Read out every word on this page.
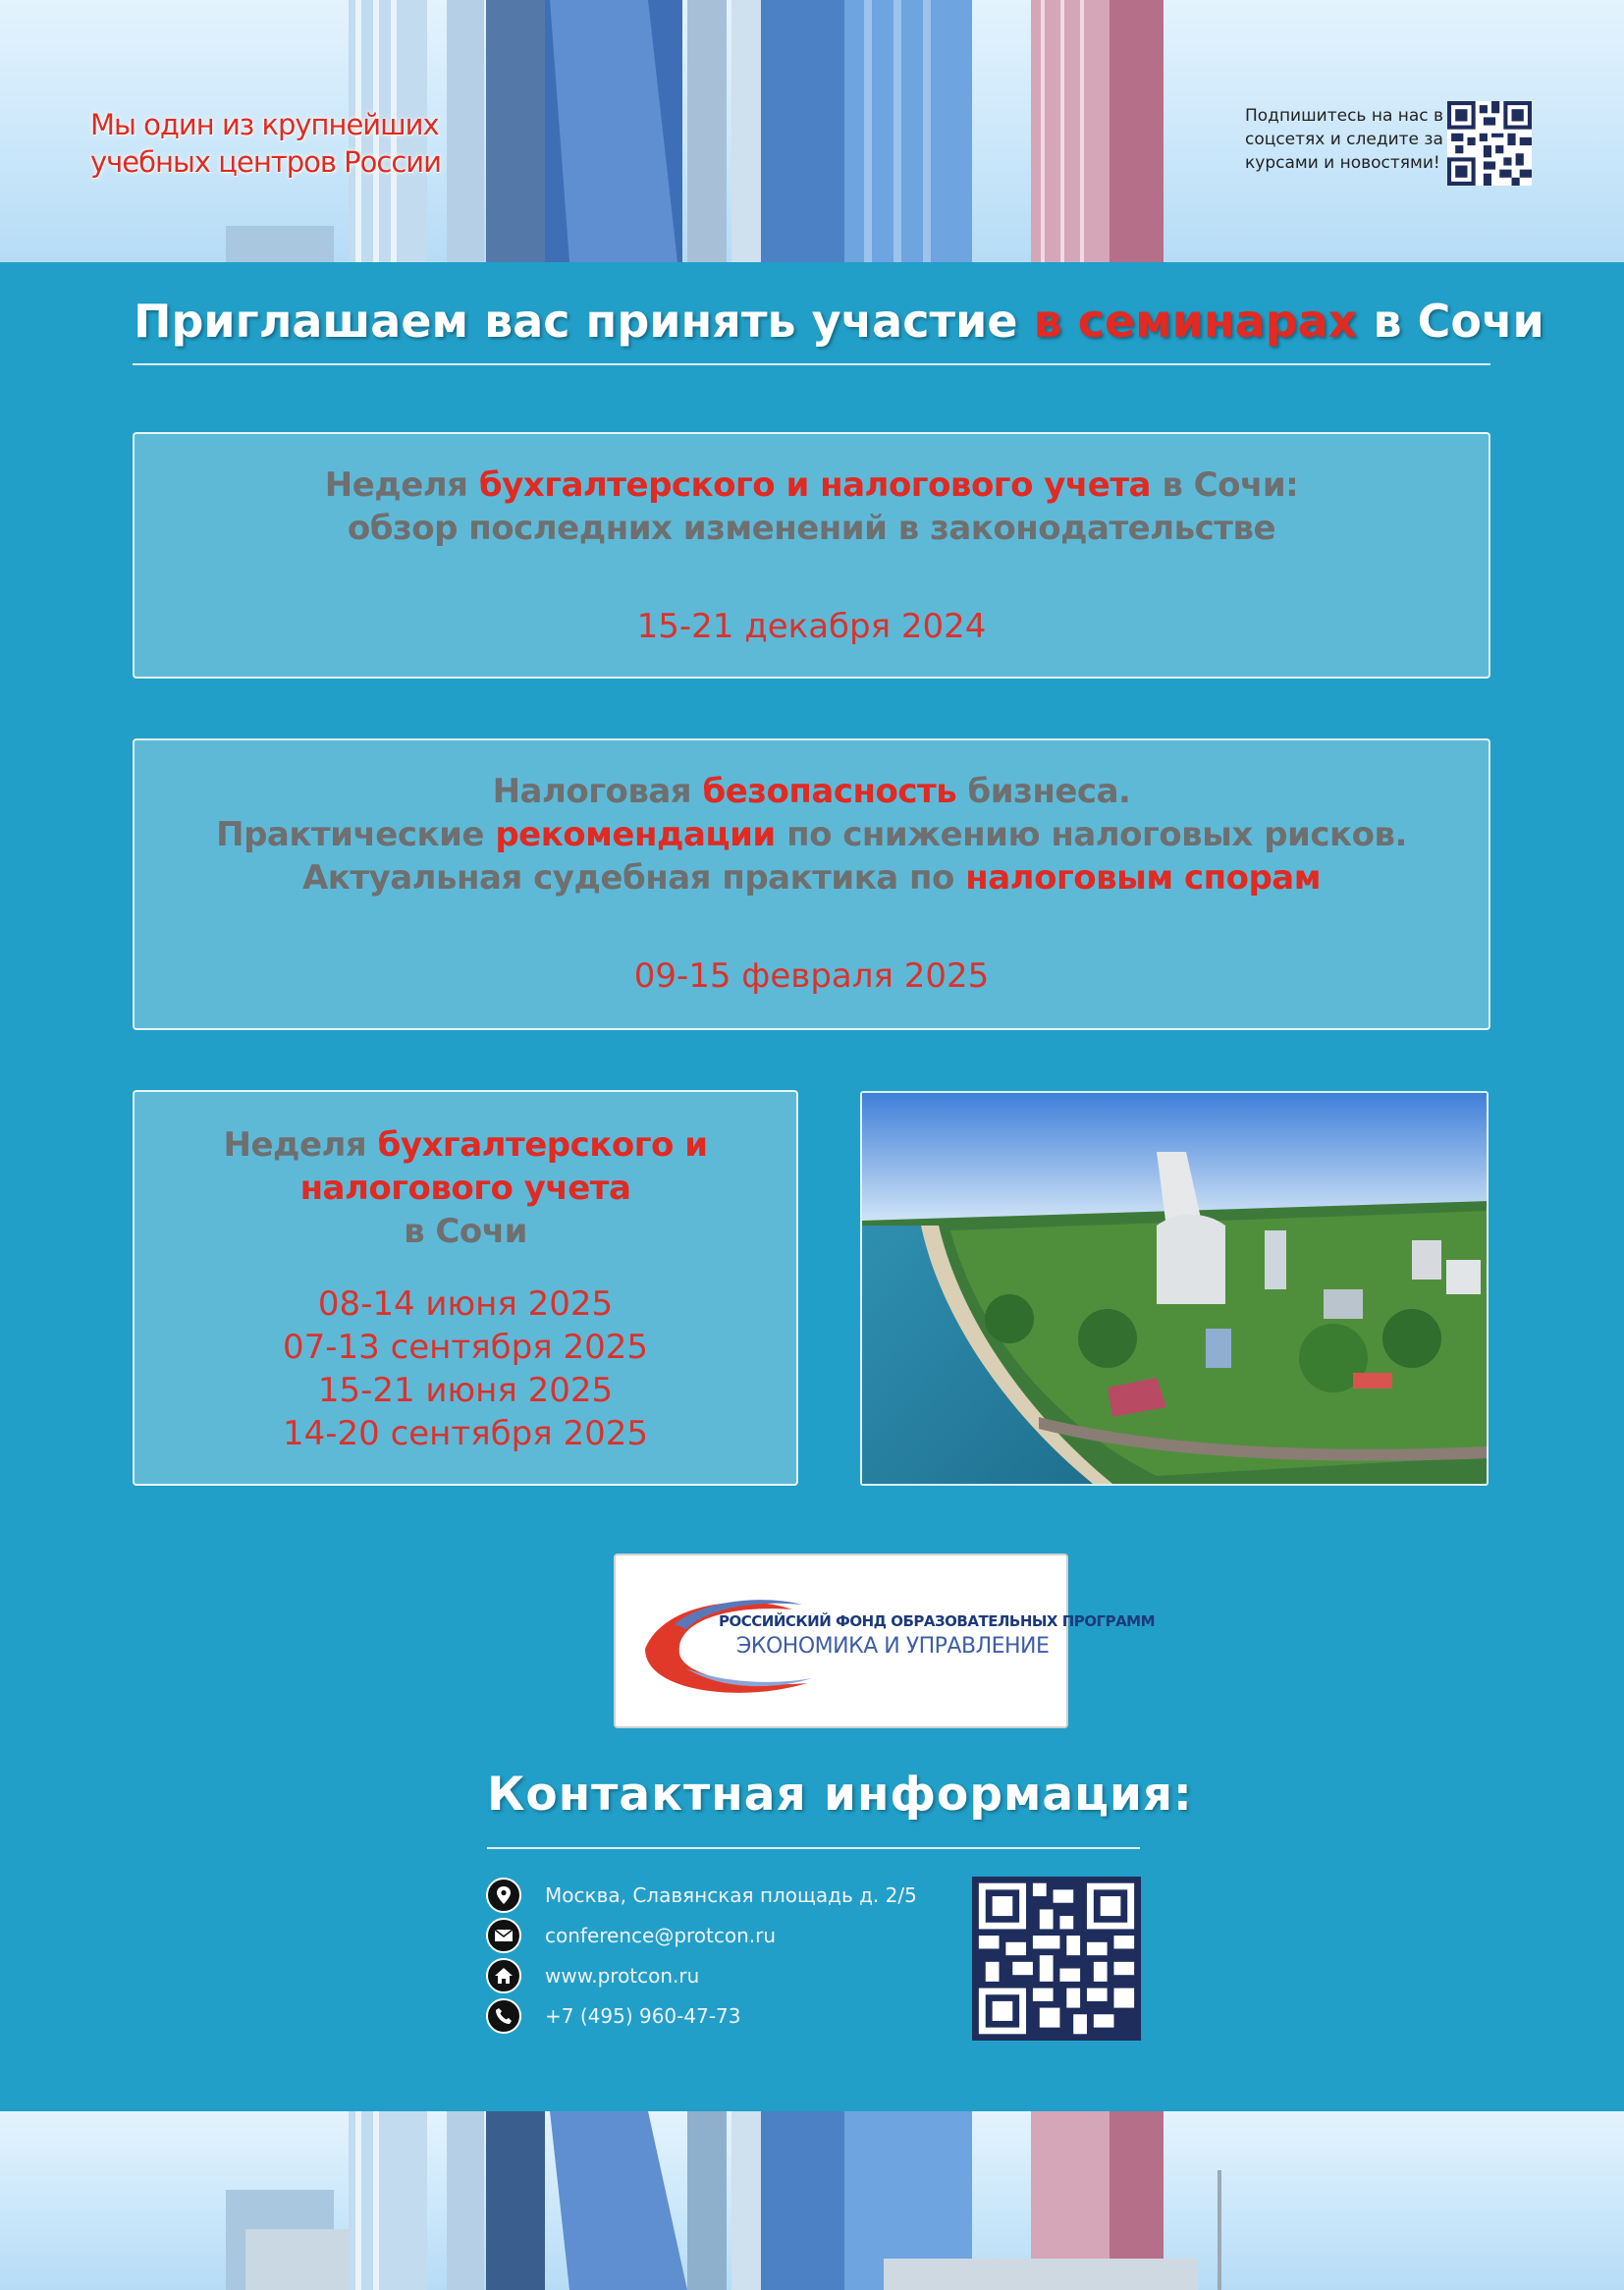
Мы один из крупнейших
учебных центров России
Подпишитесь на нас в
соцсетях и следите за
курсами и новостями!
Приглашаем вас принять участие в семинарах в Сочи
Неделя бухгалтерского и налогового учета в Сочи:
обзор последних изменений в законодательстве
15-21 декабря 2024
Налоговая безопасность бизнеса.
Практические рекомендации по снижению налоговых рисков.
Актуальная судебная практика по налоговым спорам
09-15 февраля 2025
Неделя бухгалтерского и
налогового учета
в Сочи
08-14 июня 2025
07-13 сентября 2025
15-21 июня 2025
14-20 сентября 2025
РОССИЙСКИЙ ФОНД ОБРАЗОВАТЕЛЬНЫХ ПРОГРАММ
ЭКОНОМИКА И УПРАВЛЕНИЕ
Контактная информация:
Москва, Славянская площадь д. 2/5
conference@protcon.ru
www.protcon.ru
+7 (495) 960-47-73
